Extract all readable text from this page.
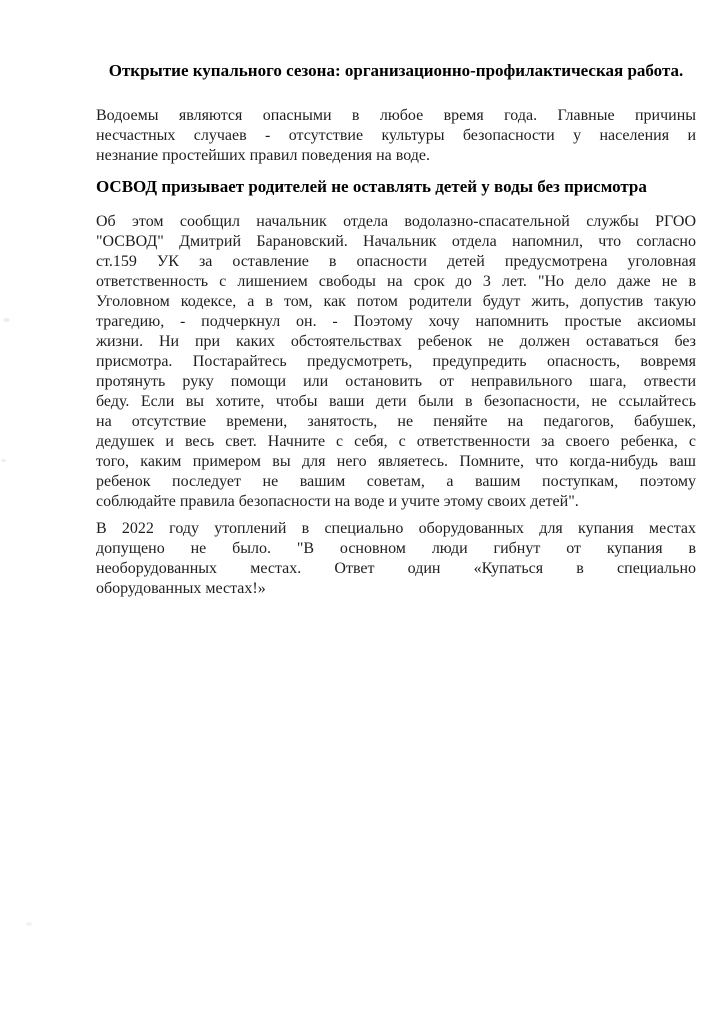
Открытие купального сезона: организационно-профилактическая работа.
Водоемы являются опасными в любое время года. Главные причины
несчастных случаев - отсутствие культуры безопасности у населения и
незнание простейших правил поведения на воде.
ОСВОД призывает родителей не оставлять детей у воды без присмотра
Об этом сообщил начальник отдела водолазно-спасательной службы РГОО
"ОСВОД" Дмитрий Барановский. Начальник отдела напомнил, что согласно
ст.159 УК за оставление в опасности детей предусмотрена уголовная
ответственность с лишением свободы на срок до 3 лет. "Но дело даже не в
Уголовном кодексе, а в том, как потом родители будут жить, допустив такую
трагедию, - подчеркнул он. - Поэтому хочу напомнить простые аксиомы
жизни. Ни при каких обстоятельствах ребенок не должен оставаться без
присмотра. Постарайтесь предусмотреть, предупредить опасность, вовремя
протянуть руку помощи или остановить от неправильного шага, отвести
беду. Если вы хотите, чтобы ваши дети были в безопасности, не ссылайтесь
на отсутствие времени, занятость, не пеняйте на педагогов, бабушек,
дедушек и весь свет. Начните с себя, с ответственности за своего ребенка, с
того, каким примером вы для него являетесь. Помните, что когда-нибудь ваш
ребенок последует не вашим советам, а вашим поступкам, поэтому
соблюдайте правила безопасности на воде и учите этому своих детей".
В 2022 году утоплений в специально оборудованных для купания местах
допущено не было. "В основном люди гибнут от купания в
необорудованных местах. Ответ один «Купаться в специально
оборудованных местах!»
